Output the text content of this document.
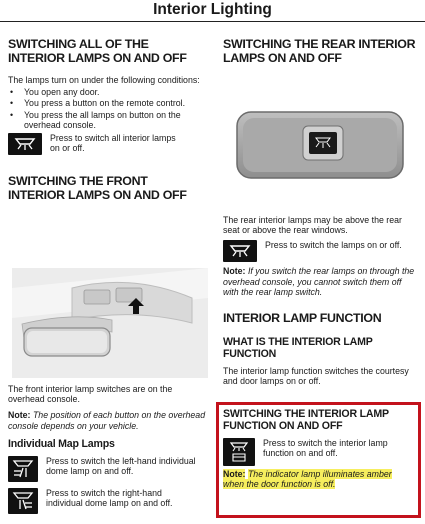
Interior Lighting
SWITCHING ALL OF THE INTERIOR LAMPS ON AND OFF

The lamps turn on under the following conditions:

• You open any door.
• You press a button on the remote control.
• You press the all lamps on button on the overhead console.
Press to switch all interior lamps on or off.
SWITCHING THE FRONT INTERIOR LAMPS ON AND OFF

The front interior lamp switches are on the overhead console.

Note: The position of each button on the overhead console depends on your vehicle.

Individual Map Lamps
Press to switch the left-hand individual dome lamp on and off.
Press to switch the right-hand individual dome lamp on and off.
SWITCHING THE REAR INTERIOR LAMPS ON AND OFF

The rear interior lamps may be above the rear seat or above the rear windows.

Press to switch the lamps on or off.

Note: If you switch the rear lamps on through the overhead console, you cannot switch them off with the rear lamp switch.

INTERIOR LAMP FUNCTION
WHAT IS THE INTERIOR LAMP FUNCTION

The interior lamp function switches the courtesy and door lamps on or off.

SWITCHING THE INTERIOR LAMP FUNCTION ON AND OFF
Press to switch the interior lamp function on and off.

Note: The indicator lamp illuminates amber when the door function is off.
